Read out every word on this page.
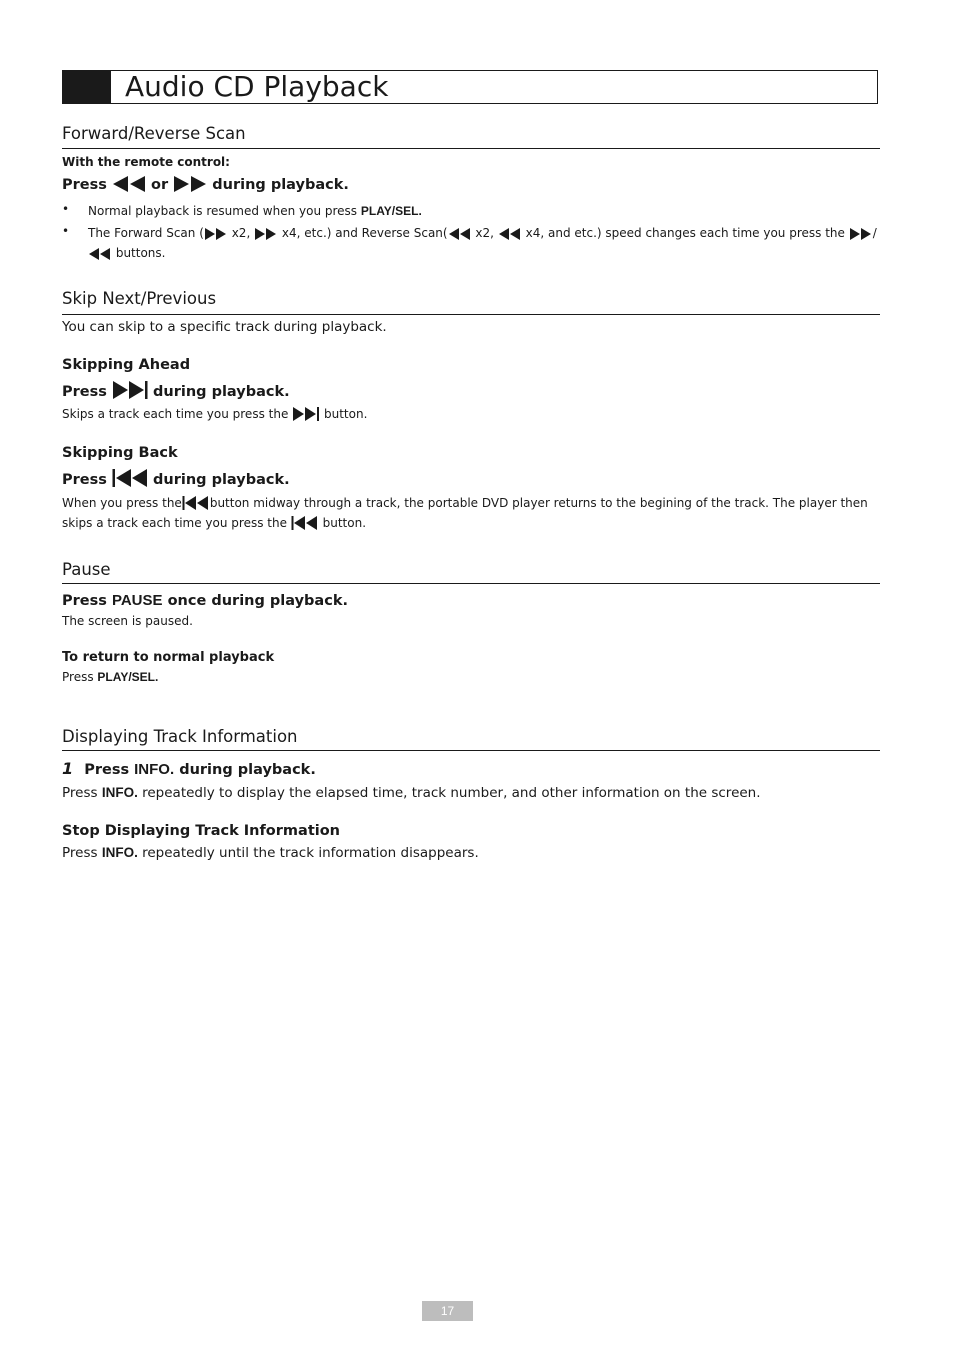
Audio CD Playback
Forward/Reverse Scan
With the remote control:
Press	or	during playback.
• Normal playback is resumed when you press PLAY/SEL.
• The Forward Scan ( x2,	x4, etc.) and Reverse Scan( x2,	x4, and etc.) speed changes each time you press the /
buttons.
Skip Next/Previous
You can skip to a specific track during playback.
Skipping Ahead
Press	during playback.
Skips a track each time you press the	button.
Skipping Back
Press	during playback.
When you press the button midway through a track, the portable DVD player returns to the begining of the track. The player then
skips a track each time you press the	button.
Pause
Press PAUSE once during playback.
The screen is paused.
To return to normal playback
Press PLAY/SEL.
Displaying Track Information
1 Press INFO. during playback.
Press INFO. repeatedly to display the elapsed time, track number, and other information on the screen.
Stop Displaying Track Information
Press INFO. repeatedly until the track information disappears.
17
